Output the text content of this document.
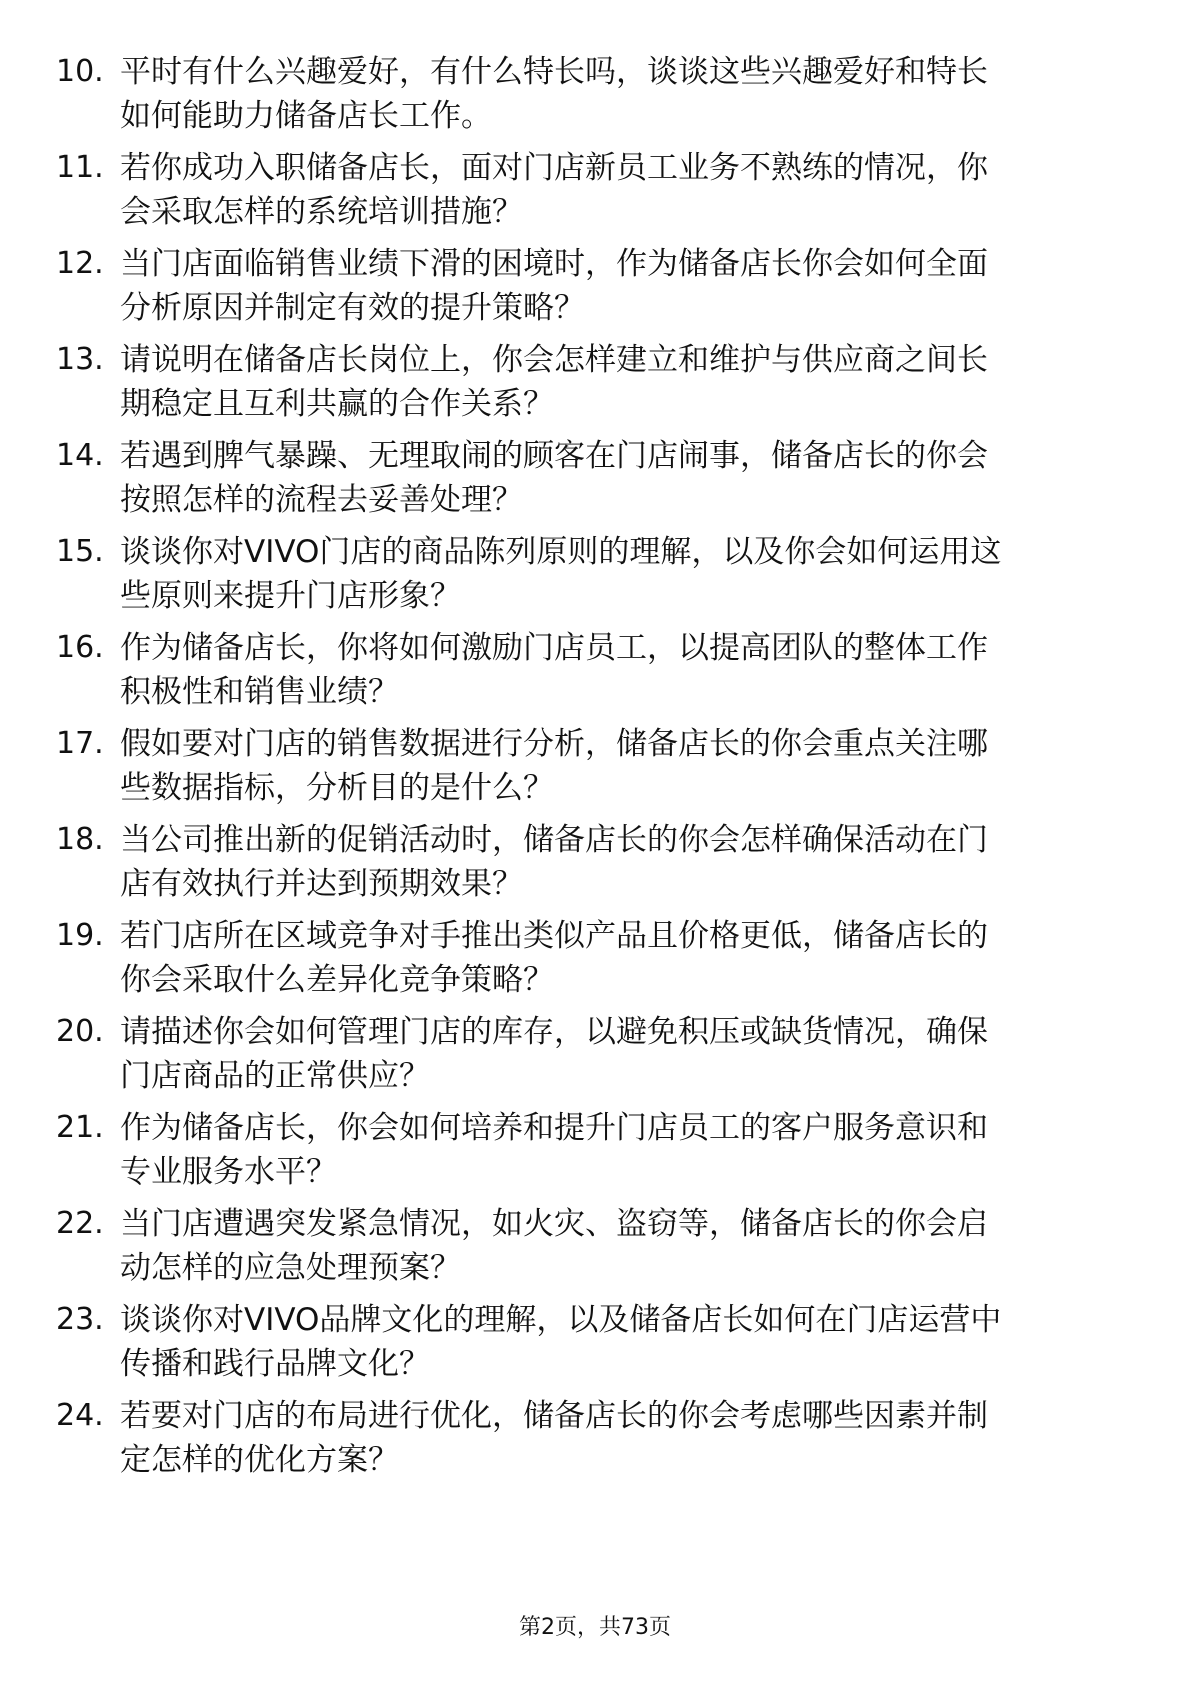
10. 平时有什么兴趣爱好，有什么特长吗，谈谈这些兴趣爱好和特长
如何能助力储备店长工作。
11. 若你成功入职储备店长，面对门店新员工业务不熟练的情况，你
会采取怎样的系统培训措施？
12. 当门店面临销售业绩下滑的困境时，作为储备店长你会如何全面
分析原因并制定有效的提升策略？
13. 请说明在储备店长岗位上，你会怎样建立和维护与供应商之间长
期稳定且互利共赢的合作关系？
14. 若遇到脾气暴躁、无理取闹的顾客在门店闹事，储备店长的你会
按照怎样的流程去妥善处理？
15. 谈谈你对VIVO门店的商品陈列原则的理解，以及你会如何运用这
些原则来提升门店形象？
16. 作为储备店长，你将如何激励门店员工，以提高团队的整体工作
积极性和销售业绩？
17. 假如要对门店的销售数据进行分析，储备店长的你会重点关注哪
些数据指标，分析目的是什么？
18. 当公司推出新的促销活动时，储备店长的你会怎样确保活动在门
店有效执行并达到预期效果？
19. 若门店所在区域竞争对手推出类似产品且价格更低，储备店长的
你会采取什么差异化竞争策略？
20. 请描述你会如何管理门店的库存，以避免积压或缺货情况，确保
门店商品的正常供应？
21. 作为储备店长，你会如何培养和提升门店员工的客户服务意识和
专业服务水平？
22. 当门店遭遇突发紧急情况，如火灾、盗窃等，储备店长的你会启
动怎样的应急处理预案？
23. 谈谈你对VIVO品牌文化的理解，以及储备店长如何在门店运营中
传播和践行品牌文化？
24. 若要对门店的布局进行优化，储备店长的你会考虑哪些因素并制
定怎样的优化方案？
第2页，共73页
